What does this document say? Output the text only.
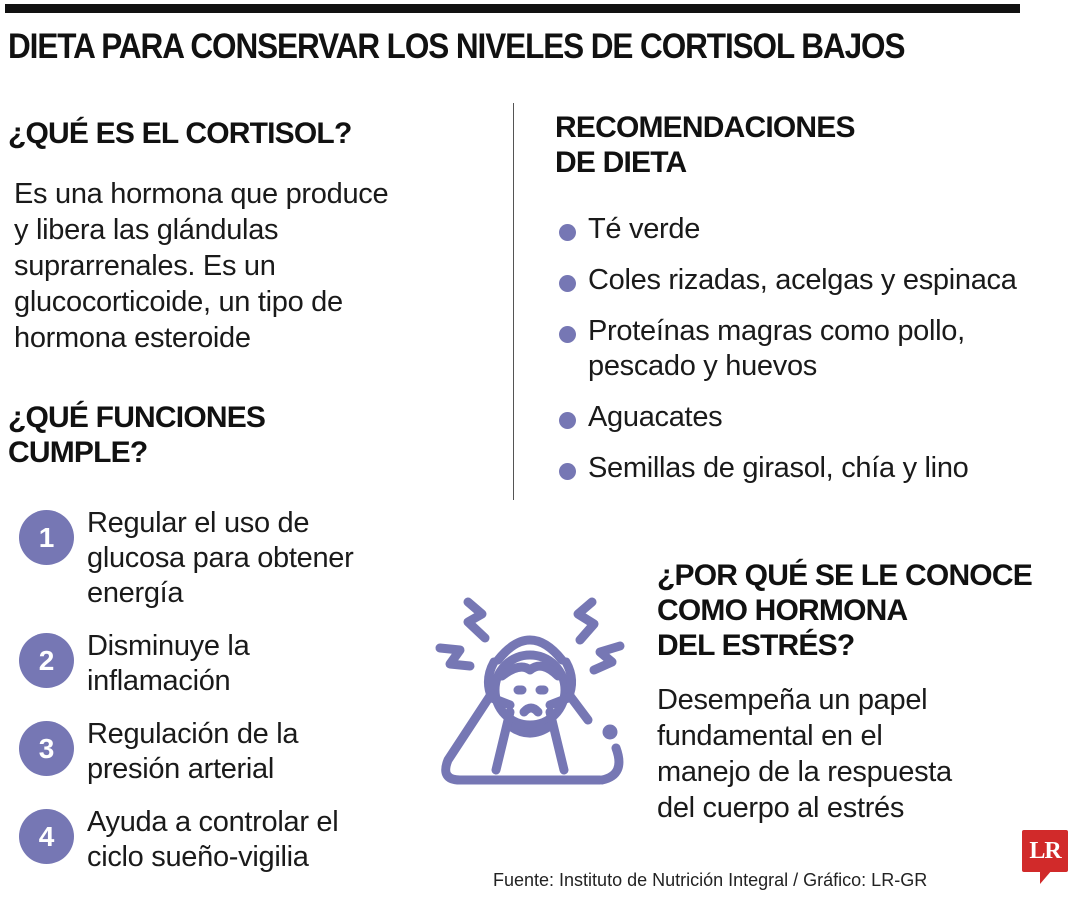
DIETA PARA CONSERVAR LOS NIVELES DE CORTISOL BAJOS
¿QUÉ ES EL CORTISOL?
Es una hormona que produce
y libera las glándulas
suprarrenales. Es un
glucocorticoide, un tipo de
hormona esteroide
¿QUÉ FUNCIONES
CUMPLE?
1	Regular el uso de
glucosa para obtener
energía
2	Disminuye la
inflamación
3	Regulación de la
presión arterial
4	Ayuda a controlar el
ciclo sueño-vigilia
RECOMENDACIONES
DE DIETA
Té verde
Coles rizadas, acelgas y espinaca
Proteínas magras como pollo,
pescado y huevos
Aguacates
Semillas de girasol, chía y lino
¿POR QUÉ SE LE CONOCE
COMO HORMONA
DEL ESTRÉS?
Desempeña un papel
fundamental en el
manejo de la respuesta
del cuerpo al estrés
Fuente: Instituto de Nutrición Integral / Gráfico: LR-GR
LR
